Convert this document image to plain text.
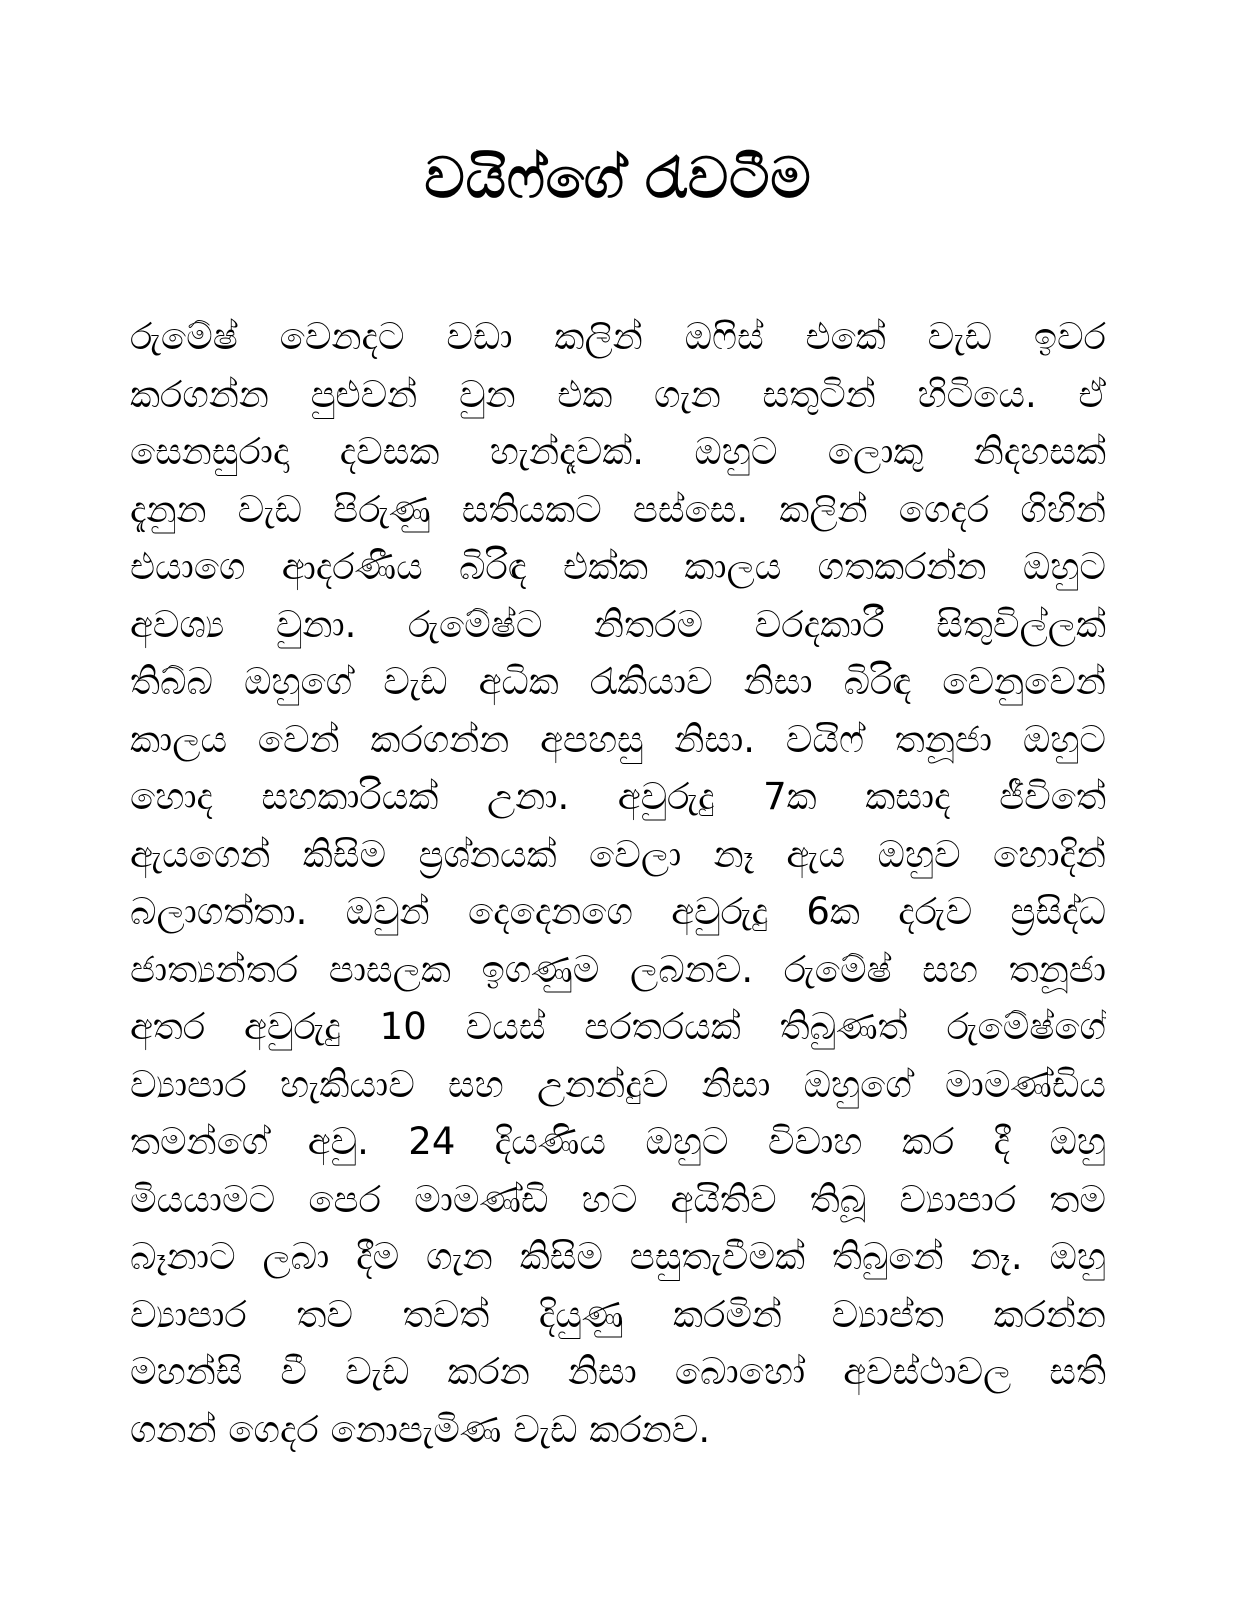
වයිෆ්ගේ රැවටීම
රුමේෂ් වෙනදට වඩා කලින් ඔෆිස් එකේ වැඩ ඉවර
කරගන්න පුළුවන් වුන එක ගැන සතුටින් හිටියෙ. ඒ
සෙනසුරාදා දවසක හැන්දෑවක්. ඔහුට ලොකු නිදහසක්
දැනුන වැඩ පිරුණු සතියකට පස්සෙ. කලින් ගෙදර ගිහින්
එයාගෙ ආදරණීය බිරිඳ එක්ක කාලය ගතකරන්න ඔහුට
අවශ්‍ය වුනා. රුමේෂ්ට නිතරම වරදකාරී සිතුවිල්ලක්
තිබ්බ ඔහුගේ වැඩ අධික රැකියාව නිසා බිරිඳ වෙනුවෙන්
කාලය වෙන් කරගන්න අපහසු නිසා. වයිෆ් තනූජා ඔහුට
හොද සහකාරියක් උනා. අවුරුදු 7ක කසාද ජීවිතේ
ඇයගෙන් කිසිම ප්‍රශ්නයක් වෙලා නෑ ඇය ඔහුව හොදින්
බලාගත්තා. ඔවුන් දෙදෙනගෙ අවුරුදු 6ක දරුව ප්‍රසිද්ධ
ජාත්‍යන්තර පාසලක ඉගණුම ලබනව. රුමේෂ් සහ තනූජා
අතර අවුරුදු 10 වයස් පරතරයක් තිබුණත් රුමේෂ්ගේ
ව්‍යාපාර හැකියාව සහ උනන්දුව නිසා ඔහුගේ මාමණ්ඩිය
තමන්ගේ අවු. 24 දියණිය ඔහුට විවාහ කර දී ඔහු
මියයාමට පෙර මාමණ්ඩි හට අයිතිව තිබූ ව්‍යාපාර තම
බෑනාට ලබා දීම ගැන කිසිම පසුතැවීමක් තිබුනේ නෑ. ඔහු
ව්‍යාපාර තව තවත් දියුණු කරමින් ව්‍යාප්ත කරන්න
මහන්සි වී වැඩ කරන නිසා බොහෝ අවස්ථාවල සති
ගනන් ගෙදර නොපැමිණ වැඩ කරනව.
